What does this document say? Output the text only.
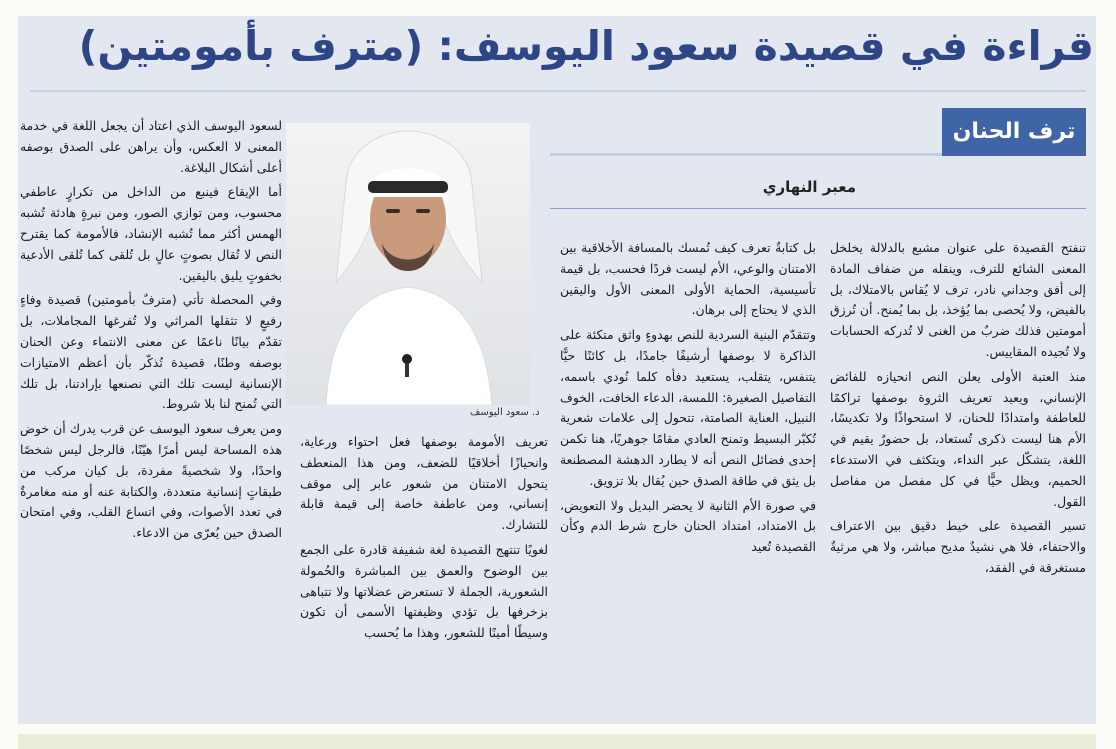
قراءة في قصيدة سعود اليوسف: (مترف بأمومتين)
ترف الحنان
معبر النهاري

تنفتح القصيدة على عنوان مشبع بالدلالة يخلخل المعنى الشائع للترف، وينقله من ضفاف المادة إلى أفق وجداني نادر، ترف لا يُقاس بالامتلاك، بل بالفيض، ولا يُحصى بما يُؤخذ، بل بما يُمنح. أن تُرزق أمومتين فذلك ضربٌ من الغنى لا تُدركه الحسابات ولا تُجيده المقاييس.

منذ العتبة الأولى يعلن النص انحيازه للفائض الإنساني، ويعيد تعريف الثروة بوصفها تراكمًا للعاطفة وامتدادًا للحنان، لا استحواذًا ولا تكديسًا، الأم هنا ليست ذكرى تُستعاد، بل حضورٌ يقيم في اللغة، يتشكّل عبر النداء، ويتكثف في الاستدعاء الحميم، ويظل حيًّا في كل مفصل من مفاصل القول.

تسير القصيدة على خيط دقيق بين الاعتراف والاحتفاء، فلا هي نشيدٌ مديح مباشر، ولا هي مرثيةٌ مستغرقة في الفقد،

بل كتابةٌ تعرف كيف تُمسك بالمسافة الأخلاقية بين الامتنان والوعي، الأم ليست فردًا فحسب، بل قيمة تأسيسية، الحماية الأولى المعنى الأول واليقين الذي لا يحتاج إلى برهان.

وتتقدّم البنية السردية للنص بهدوءٍ واثق متكئة على الذاكرة لا بوصفها أرشيفًا جامدًا، بل كائنًا حيًّا يتنفس، يتقلب، يستعيد دفأه كلما نُودي باسمه، التفاصيل الصغيرة: اللمسة، الدعاء الخافت، الخوف النبيل، العناية الصامتة، تتحول إلى علامات شعرية تُكبّر البسيط وتمنح العادي مقامًا جوهريًا، هنا تكمن إحدى فضائل النص أنه لا يطارد الدهشة المصطنعة بل يثق في طاقة الصدق حين يُقال بلا تزويق.

في صورة الأم الثانية لا يحضر البديل ولا التعويض، بل الامتداد، امتداد الحنان خارج شرط الدم وكأن القصيدة تُعيد

د. سعود اليوسف

تعريف الأمومة بوصفها فعل احتواء ورعاية، وانحيازًا أخلاقيًا للضعف، ومن هذا المنعطف يتحول الامتنان من شعور عابر إلى موقف إنساني، ومن عاطفة خاصة إلى قيمة قابلة للتشارك.

لغويًا تنتهج القصيدة لغة شفيفة قادرة على الجمع بين الوضوح والعمق بين المباشرة والحُمولة الشعورية، الجملة لا تستعرض عضلاتها ولا تتباهى بزخرفها بل تؤدي وظيفتها الأسمى أن تكون وسيطًا أمينًا للشعور، وهذا ما يُحسب

لسعود اليوسف الذي اعتاد أن يجعل اللغة في خدمة المعنى لا العكس، وأن يراهن على الصدق بوصفه أعلى أشكال البلاغة.

أما الإيقاع فينبع من الداخل من تكرارٍ عاطفي محسوب، ومن توازي الصور، ومن نبرةٍ هادئة تُشبه الهمس أكثر مما تُشبه الإنشاد، فالأمومة كما يقترح النص لا تُقال بصوتٍ عالٍ بل تُلقى كما تُلقى الأدعية بخفوتٍ يليق باليقين.

وفي المحصلة تأتي (مترفٌ بأمومتين) قصيدة وفاءٍ رفيعٍ لا تثقلها المراثي ولا تُفرغها المجاملات، بل تقدّم بيانًا ناعمًا عن معنى الانتماء وعن الحنان بوصفه وطنًا، قصيدة تُذكّر بأن أعظم الامتيازات الإنسانية ليست تلك التي نصنعها بإرادتنا، بل تلك التي تُمنح لنا بلا شروط.

ومن يعرف سعود اليوسف عن قرب يدرك أن خوض هذه المساحة ليس أمرًا هيّنًا، فالرجل ليس شخصًا واحدًا، ولا شخصيةً مفردة، بل كيان مركب من طبقاتٍ إنسانية متعددة، والكتابة عنه أو منه مغامرةٌ في تعدد الأصوات، وفي اتساع القلب، وفي امتحان الصدق حين يُعرّى من الادعاء.
